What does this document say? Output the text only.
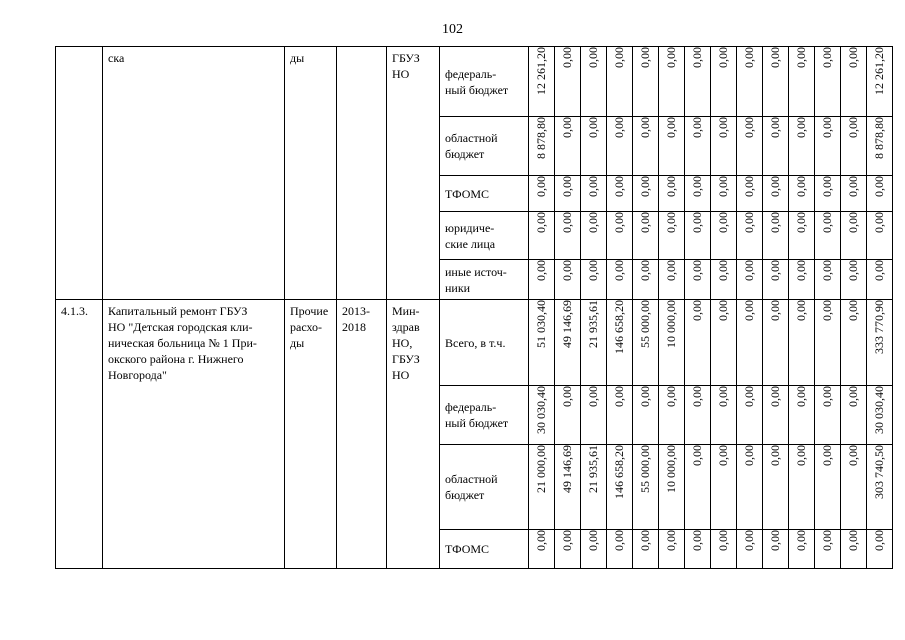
102

	ска	ды		ГБУЗ
НО	федераль-
ный бюджет	12 261,20	0,00	0,00	0,00	0,00	0,00	0,00	0,00	0,00	0,00	0,00	0,00	0,00	12 261,20

					областной
бюджет	8 878,80	0,00	0,00	0,00	0,00	0,00	0,00	0,00	0,00	0,00	0,00	0,00	0,00	8 878,80

					ТФОМС	0,00	0,00	0,00	0,00	0,00	0,00	0,00	0,00	0,00	0,00	0,00	0,00	0,00	0,00

					юридиче-
ские лица	0,00	0,00	0,00	0,00	0,00	0,00	0,00	0,00	0,00	0,00	0,00	0,00	0,00	0,00

					иные источ-
ники	0,00	0,00	0,00	0,00	0,00	0,00	0,00	0,00	0,00	0,00	0,00	0,00	0,00	0,00

4.1.3.	Капитальный ремонт ГБУЗ
НО "Детская городская кли-
ническая больница № 1 При-
окского района г. Нижнего
Новгорода"	Прочие
расхо-
ды	2013-
2018	Мин-
здрав
НО,
ГБУЗ
НО	Всего, в т.ч.	51 030,40	49 146,69	21 935,61	146 658,20	55 000,00	10 000,00	0,00	0,00	0,00	0,00	0,00	0,00	0,00	333 770,90

					федераль-
ный бюджет	30 030,40	0,00	0,00	0,00	0,00	0,00	0,00	0,00	0,00	0,00	0,00	0,00	0,00	30 030,40

					областной
бюджет	21 000,00	49 146,69	21 935,61	146 658,20	55 000,00	10 000,00	0,00	0,00	0,00	0,00	0,00	0,00	0,00	303 740,50

					ТФОМС	0,00	0,00	0,00	0,00	0,00	0,00	0,00	0,00	0,00	0,00	0,00	0,00	0,00	0,00
